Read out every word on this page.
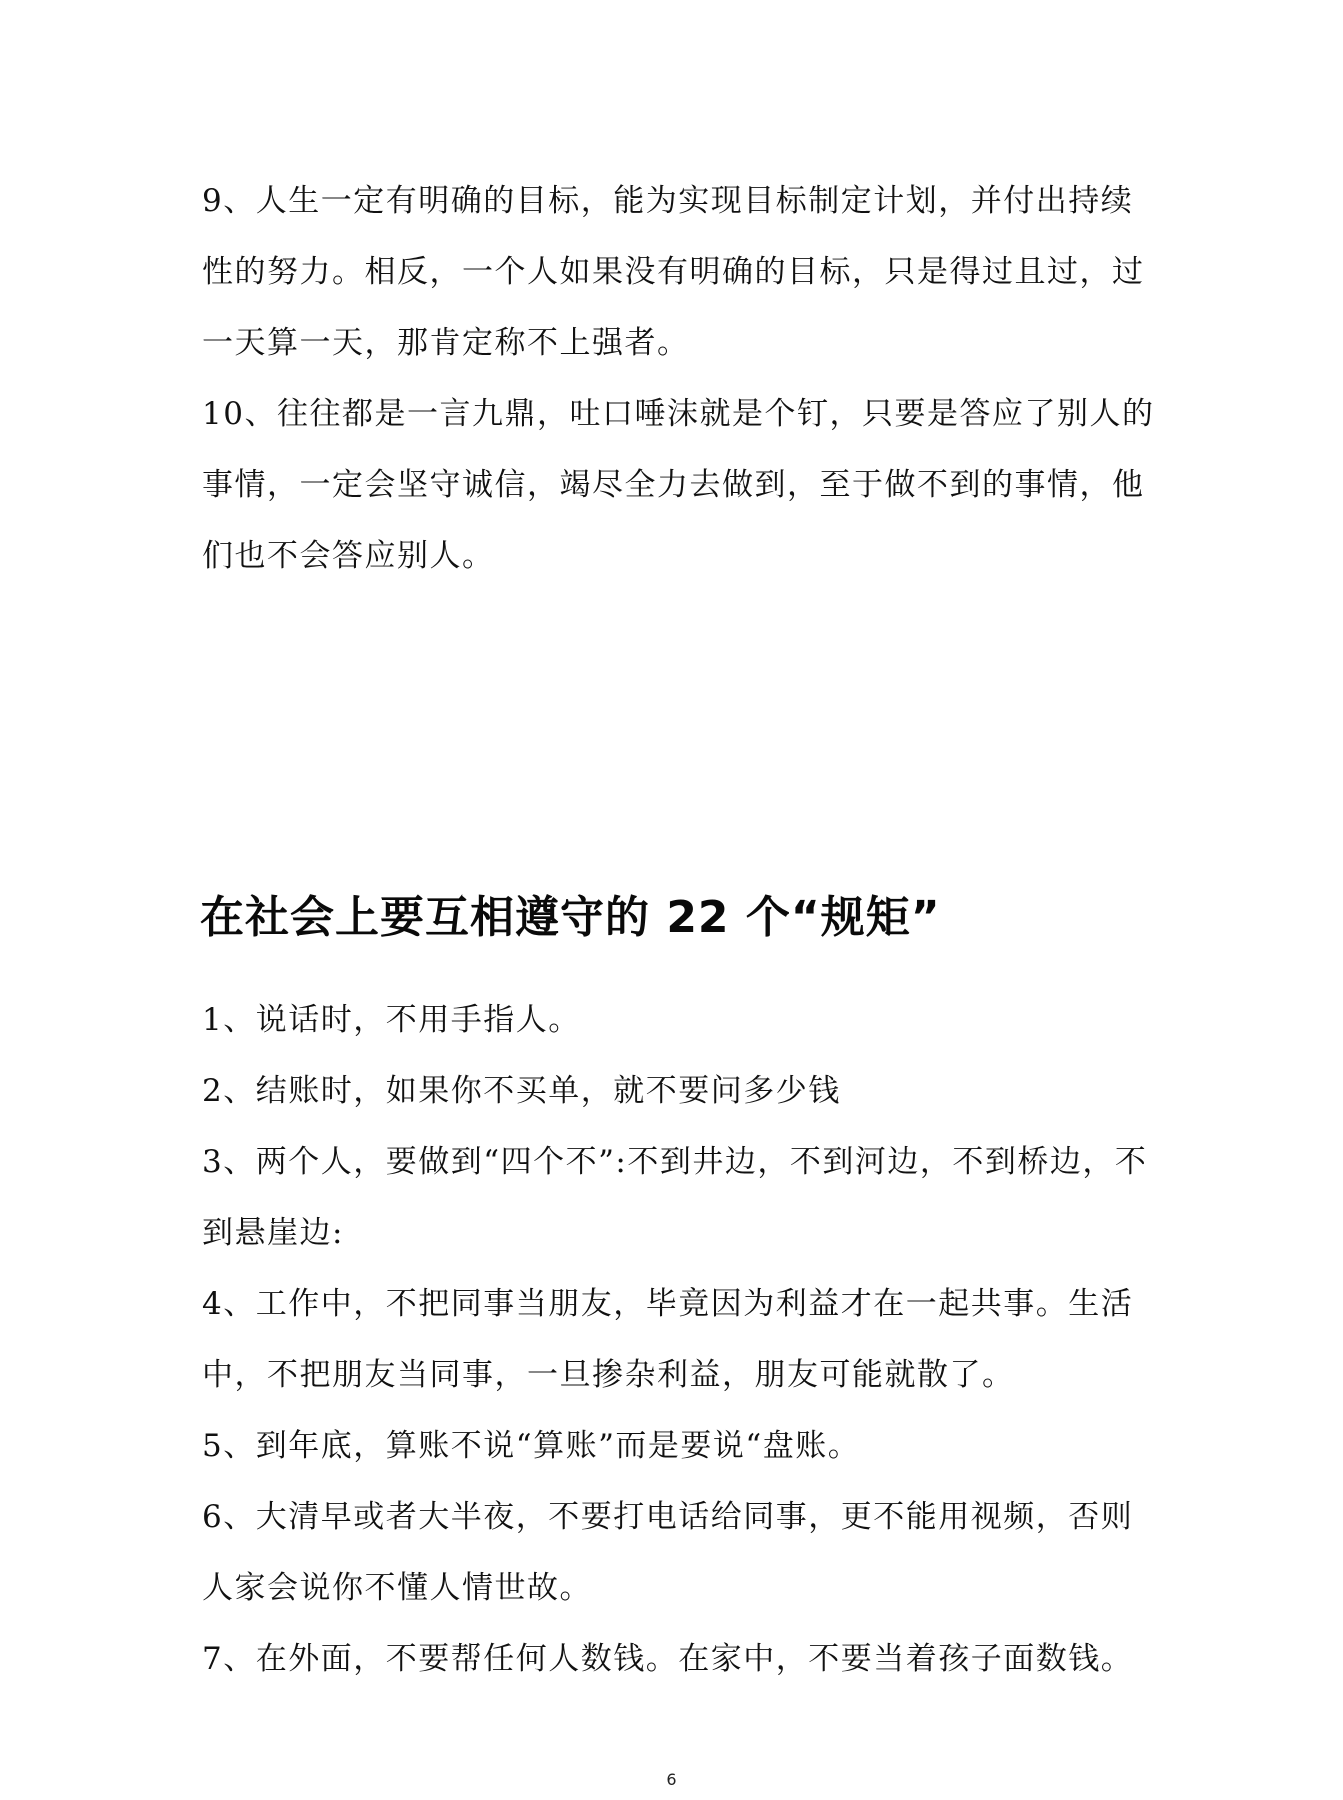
9、人生一定有明确的目标，能为实现目标制定计划，并付出持续性的努力。相反，一个人如果没有明确的目标，只是得过且过，过一天算一天，那肯定称不上强者。

10、往往都是一言九鼎，吐口唾沫就是个钉，只要是答应了别人的事情，一定会坚守诚信，竭尽全力去做到，至于做不到的事情，他们也不会答应别人。

在社会上要互相遵守的 22 个“规矩”

1、说话时，不用手指人。

2、结账时，如果你不买单，就不要问多少钱

3、两个人，要做到“四个不”:不到井边，不到河边，不到桥边，不到悬崖边:

4、工作中，不把同事当朋友，毕竟因为利益才在一起共事。生活中，不把朋友当同事，一旦掺杂利益，朋友可能就散了。

5、到年底，算账不说“算账”而是要说“盘账。

6、大清早或者大半夜，不要打电话给同事，更不能用视频，否则人家会说你不懂人情世故。

7、在外面，不要帮任何人数钱。在家中，不要当着孩子面数钱。

6
